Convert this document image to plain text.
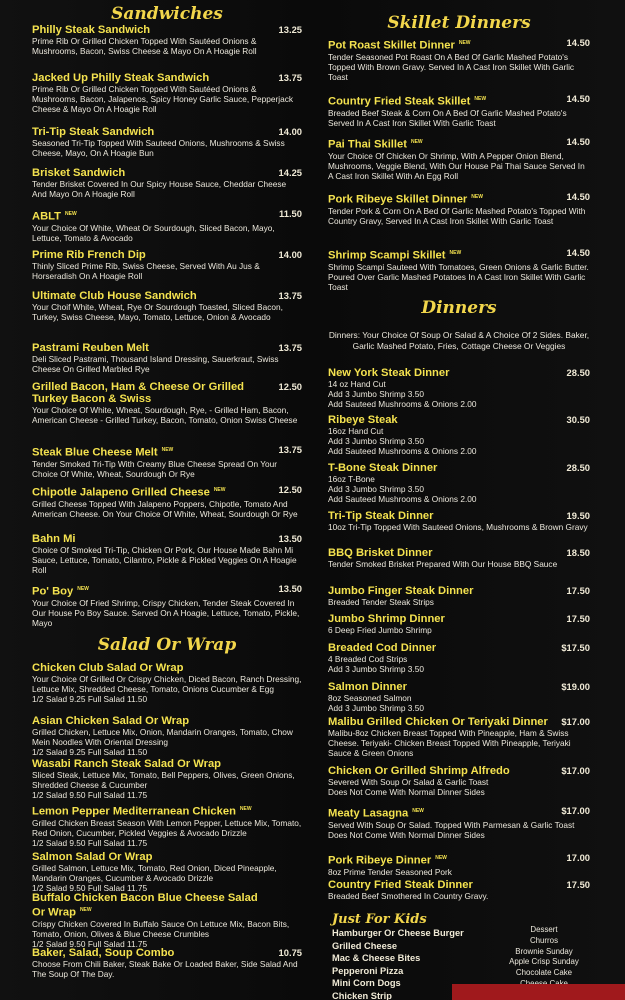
Sandwiches
Philly Steak Sandwich	13.25
Prime Rib Or Grilled Chicken Topped With Sautéed Onions & Mushrooms, Bacon, Swiss Cheese & Mayo On A Hoagie Roll
Jacked Up Philly Steak Sandwich	13.75
Prime Rib Or Grilled Chicken Topped With Sautéed Onions & Mushrooms, Bacon, Jalapenos, Spicy Honey Garlic Sauce, Pepperjack Cheese & Mayo On A Hoagie Roll
Tri-Tip Steak Sandwich	14.00
Seasoned Tri-Tip Topped With Sauteed Onions, Mushrooms & Swiss Cheese, Mayo, On A Hoagie Bun
Brisket Sandwich	14.25
Tender Brisket Covered In Our Spicy House Sauce, Cheddar Cheese And Mayo On A Hoagie Roll
ABLT $^{NEW}$	11.50
Your Choice Of White, Wheat Or Sourdough, Sliced Bacon, Mayo, Lettuce, Tomato & Avocado
Prime Rib French Dip	14.00
Thinly Sliced Prime Rib, Swiss Cheese, Served With Au Jus & Horseradish On A Hoagie Roll
Ultimate Club House Sandwich	13.75
Your Choif White, Wheat, Rye Or Sourdough Toasted, Sliced Bacon, Turkey, Swiss Cheese, Mayo, Tomato, Lettuce, Onion & Avocado
Pastrami Reuben Melt	13.75
Deli Sliced Pastrami, Thousand Island Dressing, Sauerkraut, Swiss Cheese On Grilled Marbled Rye
Grilled Bacon, Ham & Cheese Or Grilled Turkey Bacon & Swiss
12.50
Your Choice Of White, Wheat, Sourdough, Rye, - Grilled Ham, Bacon, American Cheese - Grilled Turkey, Bacon, Tomato, Onion Swiss Cheese
Steak Blue Cheese Melt $^{NEW}$	13.75
Tender Smoked Tri-Tip With Creamy Blue Cheese Spread On Your Choice Of White, Wheat, Sourdough Or Rye
Chipotle Jalapeno Grilled Cheese $^{NEW}$	12.50
Grilled Cheese Topped With Jalapeno Poppers, Chipotle, Tomato And American Cheese. On Your Choice Of White, Wheat, Sourdough Or Rye
Bahn Mi	13.50
Choice Of Smoked Tri-Tip, Chicken Or Pork, Our House Made Bahn Mi Sauce, Lettuce, Tomato, Cilantro, Pickle & Pickled Veggies On A Hoagie Roll
Po' Boy $^{NEW}$	13.50
Your Choice Of Fried Shrimp, Crispy Chicken, Tender Steak Covered In Our House Po Boy Sauce. Served On A Hoagie, Lettuce, Tomato, Pickle, Mayo
Salad Or Wrap
Chicken Club Salad Or Wrap
Your Choice Of Grilled Or Crispy Chicken, Diced Bacon, Ranch Dressing, Lettuce Mix, Shredded Cheese, Tomato, Onions Cucumber & Egg
1/2 Salad 9.25 Full Salad 11.50
Asian Chicken Salad Or Wrap
Grilled Chicken, Lettuce Mix, Onion, Mandarin Oranges, Tomato, Chow Mein Noodles With Oriental Dressing
1/2 Salad 9.25 Full Salad 11.50
Wasabi Ranch Steak Salad Or Wrap
Sliced Steak, Lettuce Mix, Tomato, Bell Peppers, Olives, Green Onions, Shredded Cheese & Cucumber
1/2 Salad 9.50 Full Salad 11.75
Lemon Pepper Mediterranean Chicken $^{NEW}$
Grilled Chicken Breast Season With Lemon Pepper, Lettuce Mix, Tomato, Red Onion, Cucumber, Pickled Veggies & Avocado Drizzle
1/2 Salad 9.50 Full Salad 11.75
Salmon Salad Or Wrap
Grilled Salmon, Lettuce Mix, Tomato, Red Onion, Diced Pineapple, Mandarin Oranges, Cucumber & Avocado Drizzle
1/2 Salad 9.50 Full Salad 11.75
Buffalo Chicken Bacon Blue Cheese Salad Or Wrap $^{NEW}$
Crispy Chicken Covered In Buffalo Sauce On Lettuce Mix, Bacon Bits, Tomato, Onion, Olives & Blue Cheese Crumbles
1/2 Salad 9.50 Full Salad 11.75
Baker, Salad, Soup Combo	10.75
Choose From Chili Baker, Steak Bake Or Loaded Baker, Side Salad And The Soup Of The Day.
Skillet Dinners
Pot Roast Skillet Dinner $^{NEW}$	14.50
Tender Seasoned Pot Roast On A Bed Of Garlic Mashed Potato's Topped With Brown Gravy. Served In A Cast Iron Skillet With Garlic Toast
Country Fried Steak Skillet $^{NEW}$	14.50
Breaded Beef Steak & Corn On A Bed Of Garlic Mashed Potato's Served In A Cast Iron Skillet With Garlic Toast
Pai Thai Skillet $^{NEW}$	14.50
Your Choice Of Chicken Or Shrimp, With A Pepper Onion Blend, Mushrooms, Veggie Blend, With Our House Pai Thai Sauce Served In A Cast Iron Skillet With An Egg Roll
Pork Ribeye Skillet Dinner $^{NEW}$	14.50
Tender Pork & Corn On A Bed Of Garlic Mashed Potato's Topped With Country Gravy, Served In A Cast Iron Skillet With Garlic Toast
Shrimp Scampi Skillet $^{NEW}$	14.50
Shrimp Scampi Sauteed With Tomatoes, Green Onions & Garlic Butter. Poured Over Garlic Mashed Potatoes In A Cast Iron Skillet With Garlic Toast
Dinners
Dinners: Your Choice Of Soup Or Salad & A Choice Of 2 Sides. Baker, Garlic Mashed Potato, Fries, Cottage Cheese Or Veggies
New York Steak Dinner	28.50
14 oz Hand Cut
Add 3 Jumbo Shrimp 3.50
Add Sauteed Mushrooms & Onions 2.00
Ribeye Steak	30.50
16oz Hand Cut
Add 3 Jumbo Shrimp 3.50
Add Sauteed Mushrooms & Onions 2.00
T-Bone Steak Dinner	28.50
16oz T-Bone
Add 3 Jumbo Shrimp 3.50
Add Sauteed Mushrooms & Onions 2.00
Tri-Tip Steak Dinner	19.50
10oz Tri-Tip Topped With Sauteed Onions, Mushrooms & Brown Gravy
BBQ Brisket Dinner	18.50
Tender Smoked Brisket Prepared With Our House BBQ Sauce
Jumbo Finger Steak Dinner	17.50
Breaded Tender Steak Strips
Jumbo Shrimp Dinner	17.50
6 Deep Fried Jumbo Shrimp
Breaded Cod Dinner	$17.50
4 Breaded Cod Strips
Add 3 Jumbo Shrimp 3.50
Salmon Dinner	$19.00
8oz Seasoned Salmon
Add 3 Jumbo Shrimp 3.50
Malibu Grilled Chicken Or Teriyaki Dinner	$17.00
Malibu-8oz Chicken Breast Topped With Pineapple, Ham & Swiss Cheese. Teriyaki- Chicken Breast Topped With Pineapple, Teriyaki Sauce & Green Onions
Chicken Or Grilled Shrimp Alfredo	$17.00
Severed With Soup Or Salad & Garlic Toast
Does Not Come With Normal Dinner Sides
Meaty Lasagna $^{NEW}$	$17.00
Served With Soup Or Salad. Topped With Parmesan & Garlic Toast
Does Not Come With Normal Dinner Sides
Pork Ribeye Dinner $^{NEW}$	17.00
8oz Prime Tender Seasoned Pork
Country Fried Steak Dinner	17.50
Breaded Beef Smothered In Country Gravy.
Just For Kids
Hamburger Or Cheese Burger
Grilled Cheese
Mac & Cheese Bites
Pepperoni Pizza
Mini Corn Dogs
Chicken Strip
Dessert
Churros
Brownie Sunday
Apple Crisp Sunday
Chocolate Cake
